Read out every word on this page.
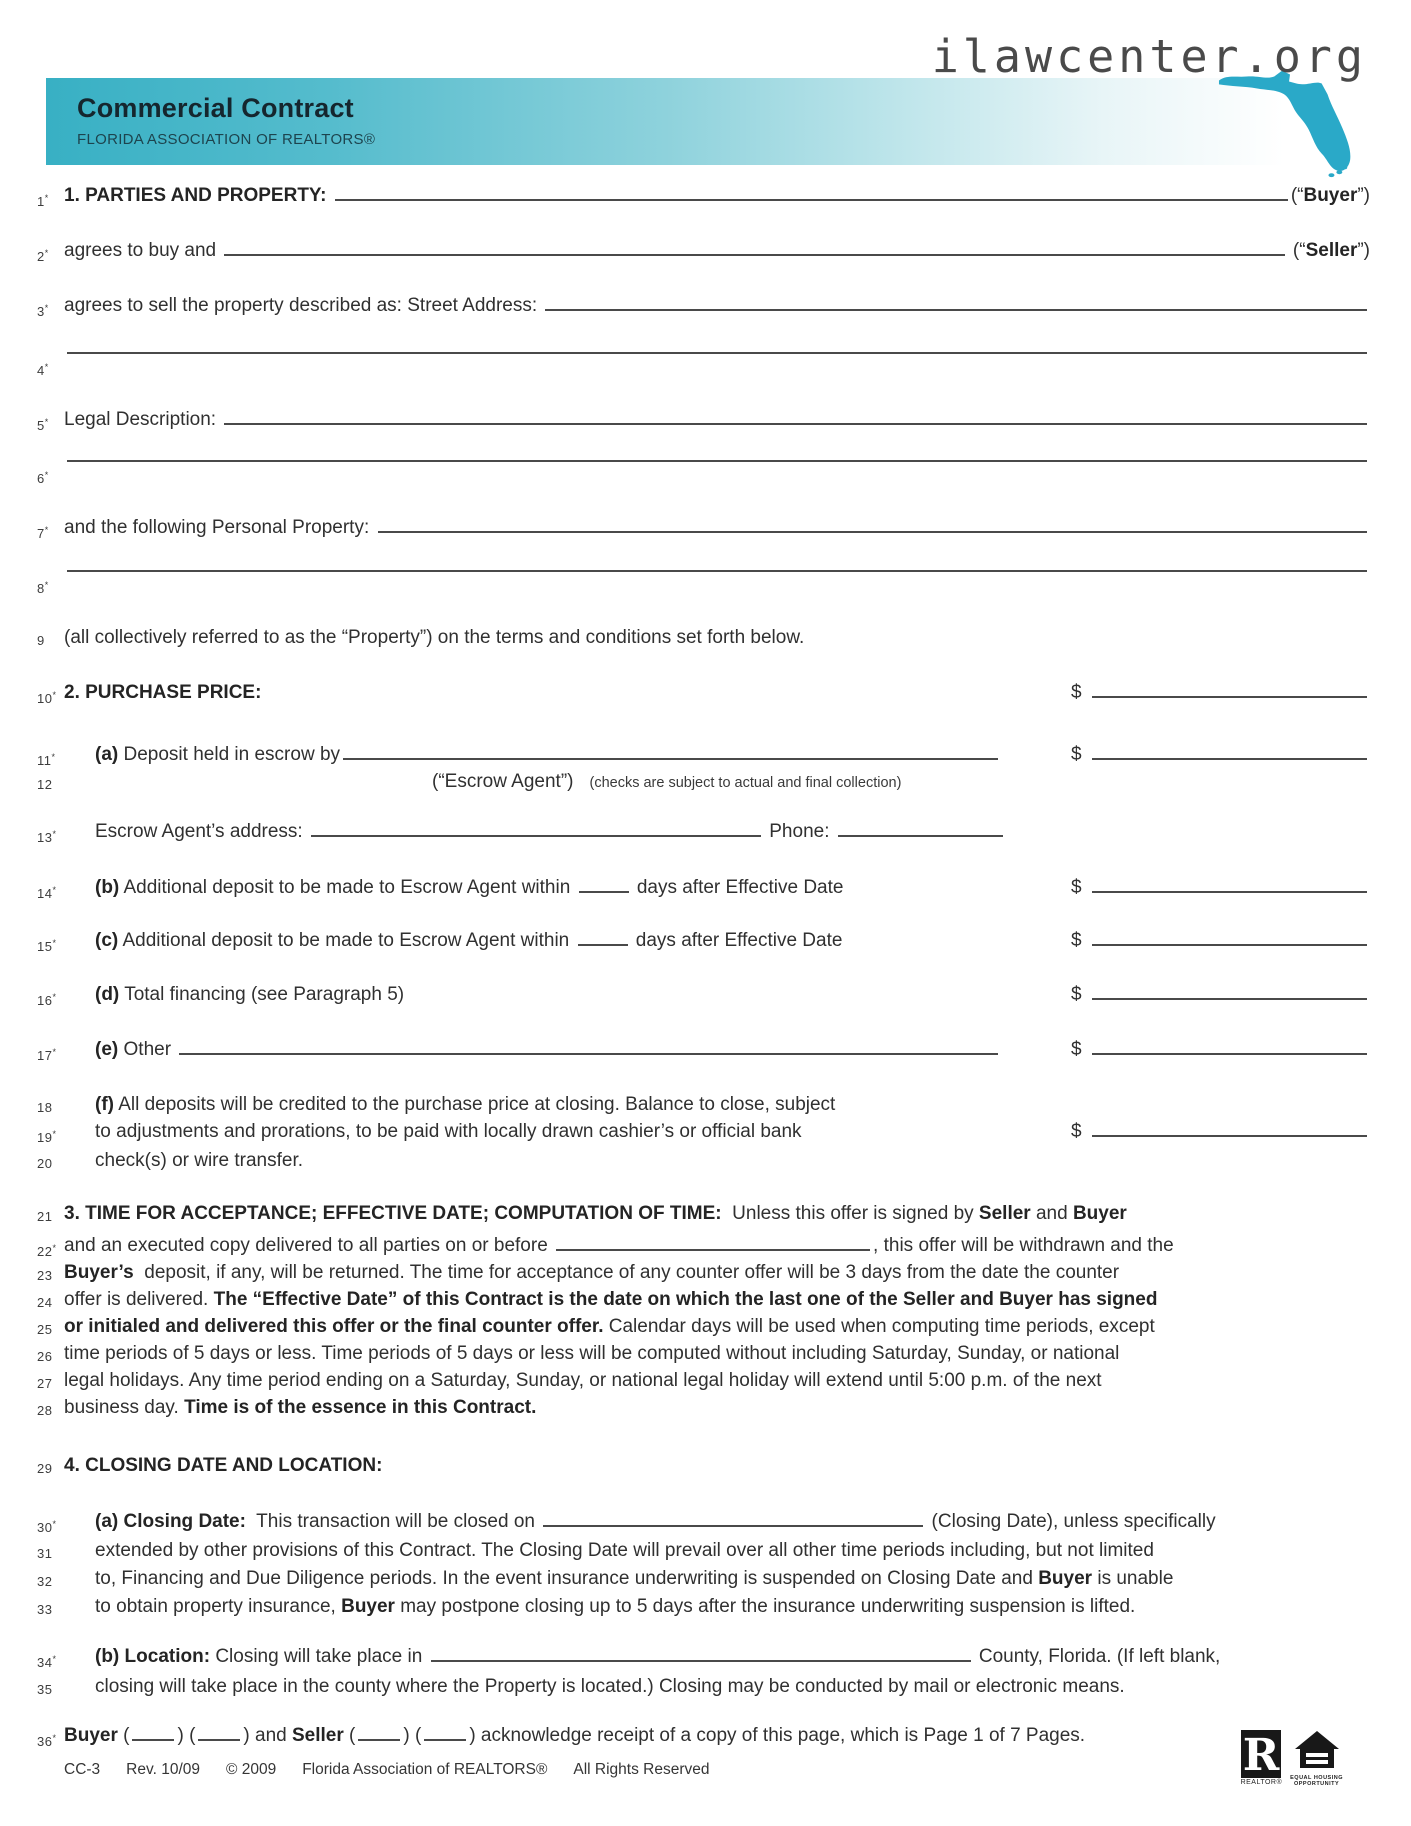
ilawcenter.org
Commercial Contract
FLORIDA ASSOCIATION OF REALTORS®
1* 1. PARTIES AND PROPERTY:	(“ Buyer ”)
2* agrees to buy and	(“ Seller ”)
3* agrees to sell the property described as: Street Address:
4*
5* Legal Description:
6*
7* and the following Personal Property:
8*
9 (all collectively referred to as the “Property”) on the terms and conditions set forth below.
10* 2. PURCHASE PRICE:	$
11* (a) Deposit held in escrow by	$
12	(“Escrow Agent”) (checks are subject to actual and final collection)
13* Escrow Agent’s address:	Phone:
14* (b) Additional deposit to be made to Escrow Agent within	days after Effective Date	$
15* (c) Additional deposit to be made to Escrow Agent within	days after Effective Date	$
16* (d) Total financing (see Paragraph 5)	$
17* (e) Other	$
18 (f) All deposits will be credited to the purchase price at closing. Balance to close, subject
19* to adjustments and prorations, to be paid with locally drawn cashier’s or official bank	$
20 check(s) or wire transfer.
21 3. TIME FOR ACCEPTANCE; EFFECTIVE DATE; COMPUTATION OF TIME: Unless this offer is signed by Seller and Buyer
22* and an executed copy delivered to all parties on or before	, this offer will be withdrawn and the
23 Buyer’s deposit, if any, will be returned. The time for acceptance of any counter offer will be 3 days from the date the counter
24 offer is delivered. The “Effective Date” of this Contract is the date on which the last one of the Seller and Buyer has signed
25 or initialed and delivered this offer or the final counter offer. Calendar days will be used when computing time periods, except
26 time periods of 5 days or less. Time periods of 5 days or less will be computed without including Saturday, Sunday, or national
27 legal holidays. Any time period ending on a Saturday, Sunday, or national legal holiday will extend until 5:00 p.m. of the next
28 business day. Time is of the essence in this Contract.
29 4. CLOSING DATE AND LOCATION:
30* (a) Closing Date: This transaction will be closed on	(Closing Date), unless specifically
31 extended by other provisions of this Contract. The Closing Date will prevail over all other time periods including, but not limited
32 to, Financing and Due Diligence periods. In the event insurance underwriting is suspended on Closing Date and Buyer is unable
33 to obtain property insurance, Buyer may postpone closing up to 5 days after the insurance underwriting suspension is lifted.
34* (b) Location: Closing will take place in	County, Florida. (If left blank,
35 closing will take place in the county where the Property is located.) Closing may be conducted by mail or electronic means.
36* Buyer (	) (	) and Seller (	) (	) acknowledge receipt of a copy of this page, which is Page 1 of 7 Pages.
CC-3 Rev. 10/09 © 2009 Florida Association of REALTORS® All Rights Reserved	R
REALTOR®
EQUAL HOUSING
OPPORTUNITY
